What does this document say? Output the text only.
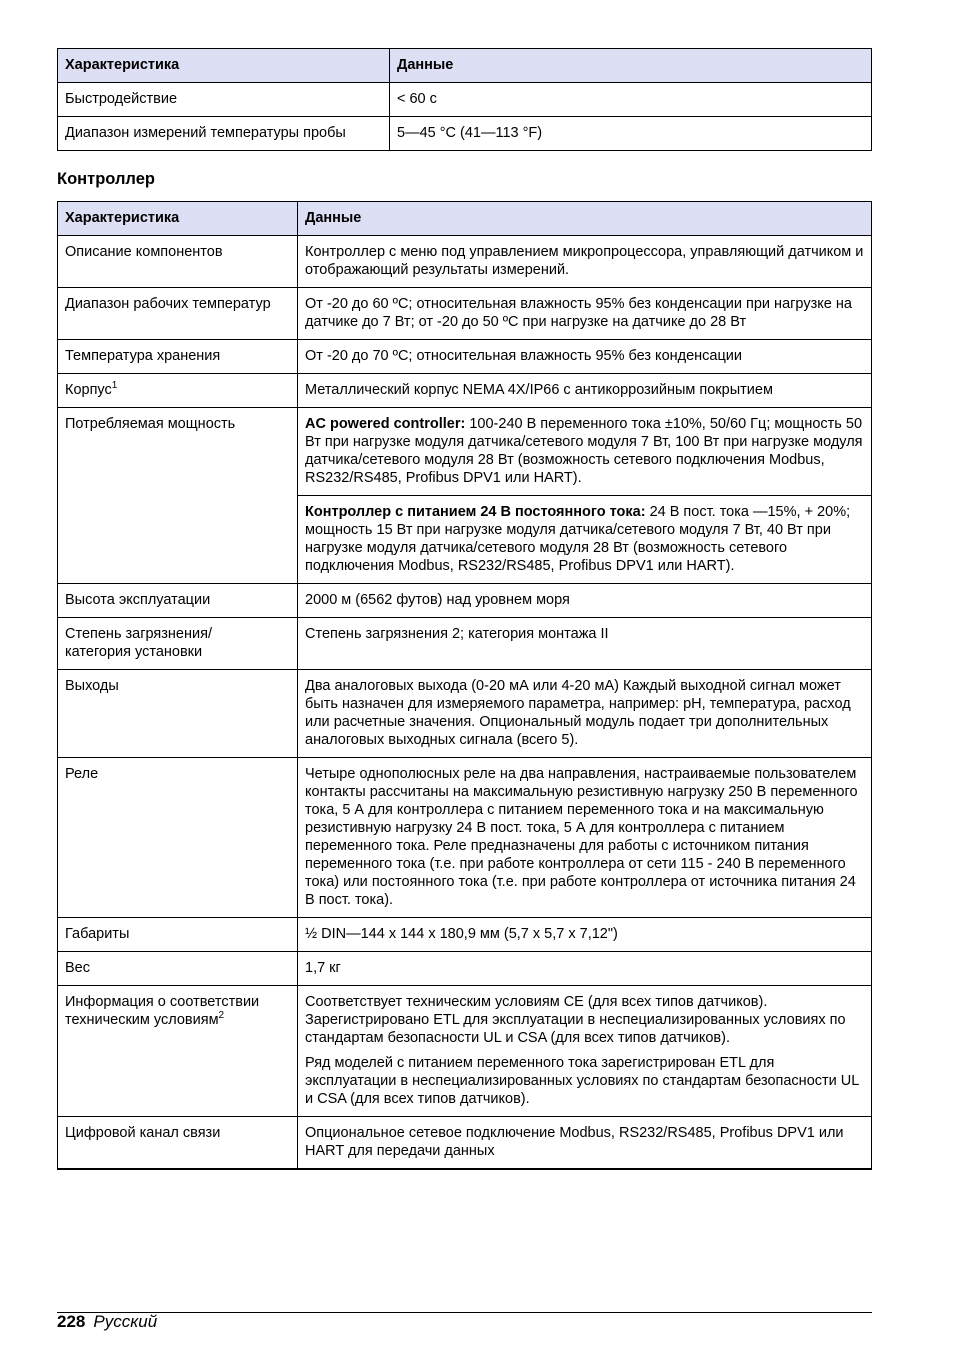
Характеристика	Данные
Быстродействие	< 60 с
Диапазон измерений температуры пробы	5—45 °C (41—113 °F)
Контроллер
Характеристика	Данные
Описание компонентов	Контроллер с меню под управлением микропроцессора, управляющий датчиком и отображающий результаты измерений.
Диапазон рабочих температур	От -20 до 60 ºC; относительная влажность 95% без конденсации при нагрузке на датчике до 7 Вт; от -20 до 50 ºC при нагрузке на датчике до 28 Вт
Температура хранения	От -20 до 70 ºC; относительная влажность 95% без конденсации
Корпус$^1$	Металлический корпус NEMA 4X/IP66 с антикоррозийным покрытием
Потребляемая мощность	AC powered controller: 100-240 В переменного тока ±10%, 50/60 Гц; мощность 50 Вт при нагрузке модуля датчика/сетевого модуля 7 Вт, 100 Вт при нагрузке модуля датчика/сетевого модуля 28 Вт (возможность сетевого подключения Modbus, RS232/RS485, Profibus DPV1 или HART).
	Контроллер с питанием 24 В постоянного тока: 24 В пост. тока —15%, + 20%; мощность 15 Вт при нагрузке модуля датчика/сетевого модуля 7 Вт, 40 Вт при нагрузке модуля датчика/сетевого модуля 28 Вт (возможность сетевого подключения Modbus, RS232/RS485, Profibus DPV1 или HART).
Высота эксплуатации	2000 м (6562 футов) над уровнем моря
Степень загрязнения/категория установки	Степень загрязнения 2; категория монтажа II
Выходы	Два аналоговых выхода (0-20 мА или 4-20 мА) Каждый выходной сигнал может быть назначен для измеряемого параметра, например: pH, температура, расход или расчетные значения. Опциональный модуль подает три дополнительных аналоговых выходных сигнала (всего 5).
Реле	Четыре однополюсных реле на два направления, настраиваемые пользователем контакты рассчитаны на максимальную резистивную нагрузку 250 В переменного тока, 5 А для контроллера с питанием переменного тока и на максимальную резистивную нагрузку 24 В пост. тока, 5 А для контроллера с питанием переменного тока. Реле предназначены для работы с источником питания переменного тока (т.е. при работе контроллера от сети 115 - 240 В переменного тока) или постоянного тока (т.е. при работе контроллера от источника питания 24 В пост. тока).
Габариты	½ DIN—144 x 144 x 180,9 мм (5,7 x 5,7 x 7,12")
Вес	1,7 кг
Информация о соответствии техническим условиям$^2$	Соответствует техническим условиям CE (для всех типов датчиков). Зарегистрировано ETL для эксплуатации в неспециализированных условиях по стандартам безопасности UL и CSA (для всех типов датчиков).
Ряд моделей с питанием переменного тока зарегистрирован ETL для эксплуатации в неспециализированных условиях по стандартам безопасности UL и CSA (для всех типов датчиков).

Цифровой канал связи	Опциональное сетевое подключение Modbus, RS232/RS485, Profibus DPV1 или HART для передачи данных
228 Русский
